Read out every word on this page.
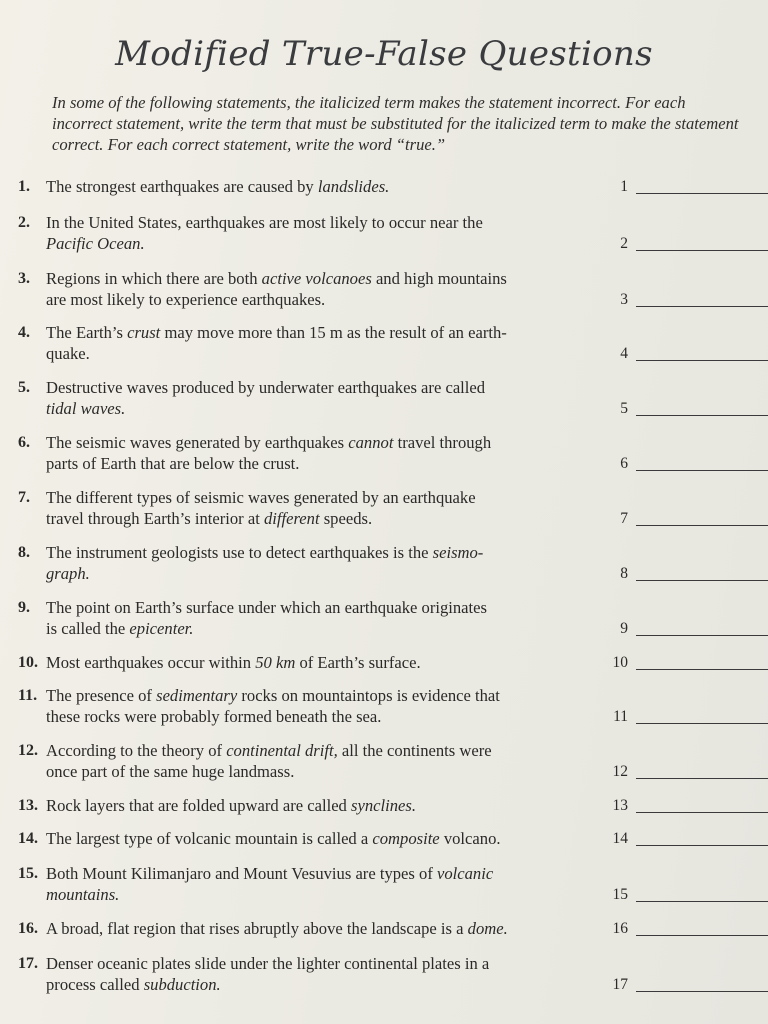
Modified True-False Questions
In some of the following statements, the italicized term makes the statement incorrect. For each incorrect statement, write the term that must be substituted for the italicized term to make the statement correct. For each correct statement, write the word “true.”
1. The strongest earthquakes are caused by landslides.	1
2. In the United States, earthquakes are most likely to occur near the
Pacific Ocean.	2
3. Regions in which there are both active volcanoes and high mountains
are most likely to experience earthquakes.	3
4. The Earth’s crust may move more than 15 m as the result of an earth-
quake.	4
5. Destructive waves produced by underwater earthquakes are called
tidal waves.	5
6. The seismic waves generated by earthquakes cannot travel through
parts of Earth that are below the crust.	6
7. The different types of seismic waves generated by an earthquake
travel through Earth’s interior at different speeds.	7
8. The instrument geologists use to detect earthquakes is the seismo-
graph.	8
9. The point on Earth’s surface under which an earthquake originates
is called the epicenter.	9
10. Most earthquakes occur within 50 km of Earth’s surface.	10
11. The presence of sedimentary rocks on mountaintops is evidence that
these rocks were probably formed beneath the sea.	11
12. According to the theory of continental drift, all the continents were
once part of the same huge landmass.	12
13. Rock layers that are folded upward are called synclines.	13
14. The largest type of volcanic mountain is called a composite volcano.	14
15. Both Mount Kilimanjaro and Mount Vesuvius are types of volcanic
mountains.	15
16. A broad, flat region that rises abruptly above the landscape is a dome.	16
17. Denser oceanic plates slide under the lighter continental plates in a
process called subduction.	17
